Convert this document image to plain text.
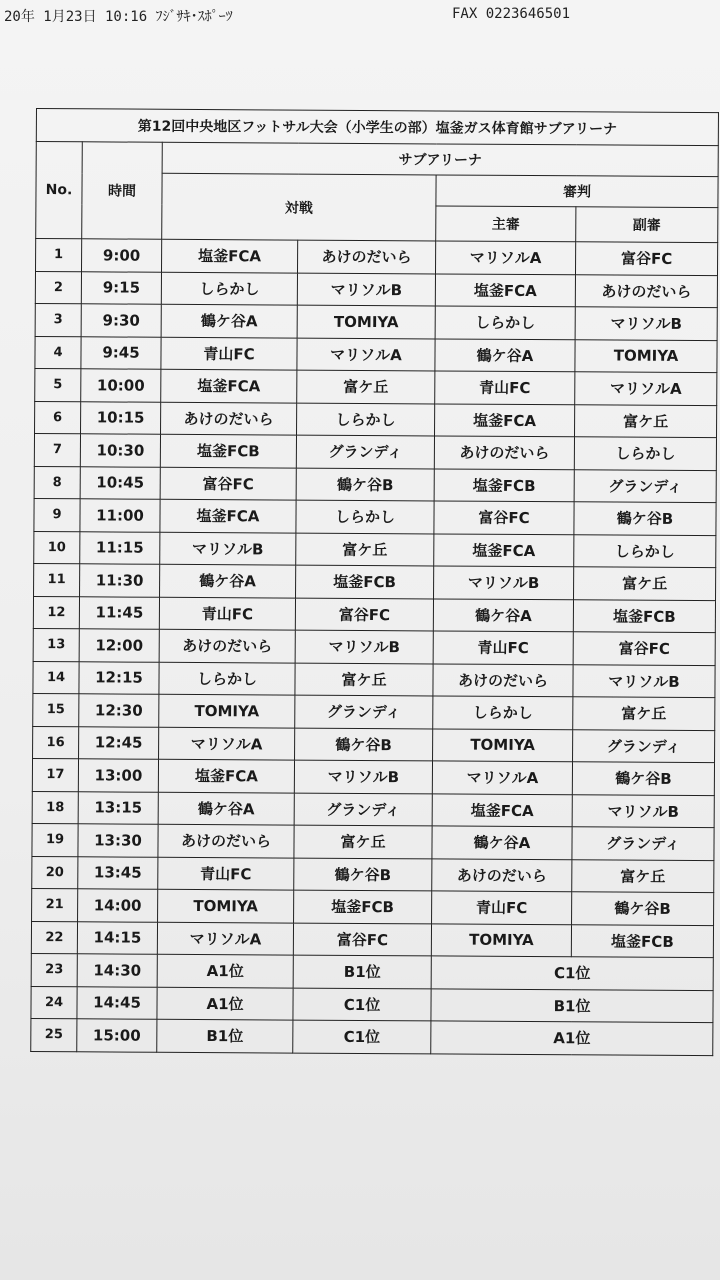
20年 1月23日 10:16 ﾌｼﾞｻｷ･ｽﾎﾟｰﾂ	FAX 0223646501
第12回中央地区フットサル大会（小学生の部）塩釜ガス体育館サブアリーナ					
No.	時間	サブアリーナ			
		対戦		審判	
				主審	副審
1	9:00	塩釜FCA	あけのだいら	マリソルA	富谷FC
2	9:15	しらかし	マリソルB	塩釜FCA	あけのだいら
3	9:30	鶴ケ谷A	TOMIYA	しらかし	マリソルB
4	9:45	青山FC	マリソルA	鶴ケ谷A	TOMIYA
5	10:00	塩釜FCA	富ケ丘	青山FC	マリソルA
6	10:15	あけのだいら	しらかし	塩釜FCA	富ケ丘
7	10:30	塩釜FCB	グランディ	あけのだいら	しらかし
8	10:45	富谷FC	鶴ケ谷B	塩釜FCB	グランディ
9	11:00	塩釜FCA	しらかし	富谷FC	鶴ケ谷B
10	11:15	マリソルB	富ケ丘	塩釜FCA	しらかし
11	11:30	鶴ケ谷A	塩釜FCB	マリソルB	富ケ丘
12	11:45	青山FC	富谷FC	鶴ケ谷A	塩釜FCB
13	12:00	あけのだいら	マリソルB	青山FC	富谷FC
14	12:15	しらかし	富ケ丘	あけのだいら	マリソルB
15	12:30	TOMIYA	グランディ	しらかし	富ケ丘
16	12:45	マリソルA	鶴ケ谷B	TOMIYA	グランディ
17	13:00	塩釜FCA	マリソルB	マリソルA	鶴ケ谷B
18	13:15	鶴ケ谷A	グランディ	塩釜FCA	マリソルB
19	13:30	あけのだいら	富ケ丘	鶴ケ谷A	グランディ
20	13:45	青山FC	鶴ケ谷B	あけのだいら	富ケ丘
21	14:00	TOMIYA	塩釜FCB	青山FC	鶴ケ谷B
22	14:15	マリソルA	富谷FC	TOMIYA	塩釜FCB
23	14:30	A1位	B1位	C1位	
24	14:45	A1位	C1位	B1位	
25	15:00	B1位	C1位	A1位	
